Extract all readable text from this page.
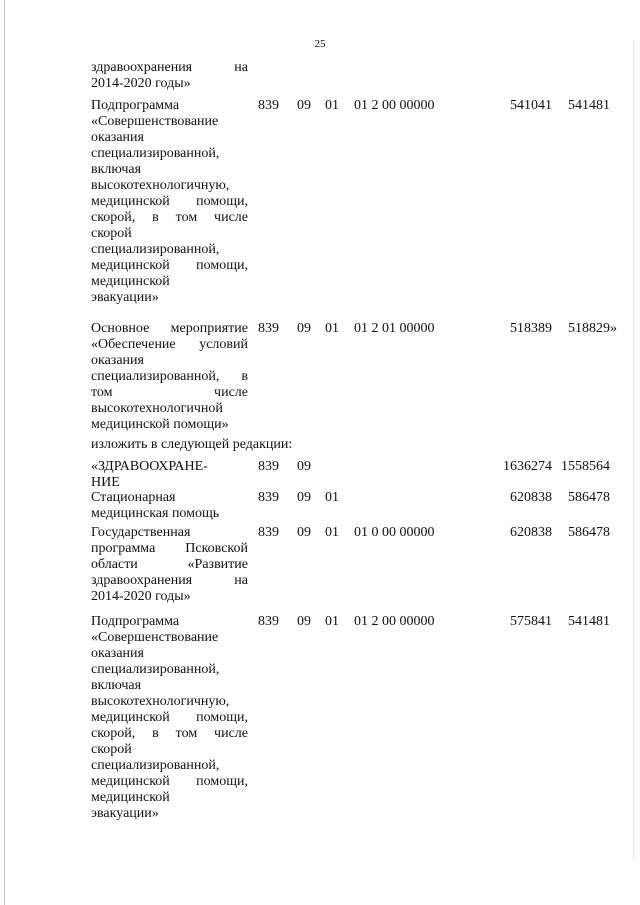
25
здравоохранения на
2014-2020 годы»
Подпрограмма
«Совершенствование
оказания
специализированной,
включая
высокотехнологичную,
медицинской помощи,
скорой, в том числе
скорой
специализированной,
медицинской помощи,
медицинской
эвакуации»
839 09 01 01 2 00 00000	541041 541481
Основное мероприятие
«Обеспечение условий
оказания
специализированной, в
том числе
высокотехнологичной
медицинской помощи»
839 09 01 01 2 01 00000	518389 518829»
изложить в следующей редакции:
«ЗДРАВООХРАНЕ-
НИЕ
839 09	1636274 1558564
Стационарная
медицинская помощь
839 09 01	620838 586478
Государственная
программа Псковской
области «Развитие
здравоохранения на
2014-2020 годы»
839 09 01 01 0 00 00000	620838 586478
Подпрограмма
«Совершенствование
оказания
специализированной,
включая
высокотехнологичную,
медицинской помощи,
скорой, в том числе
скорой
специализированной,
медицинской помощи,
медицинской
эвакуации»
839 09 01 01 2 00 00000	575841 541481
